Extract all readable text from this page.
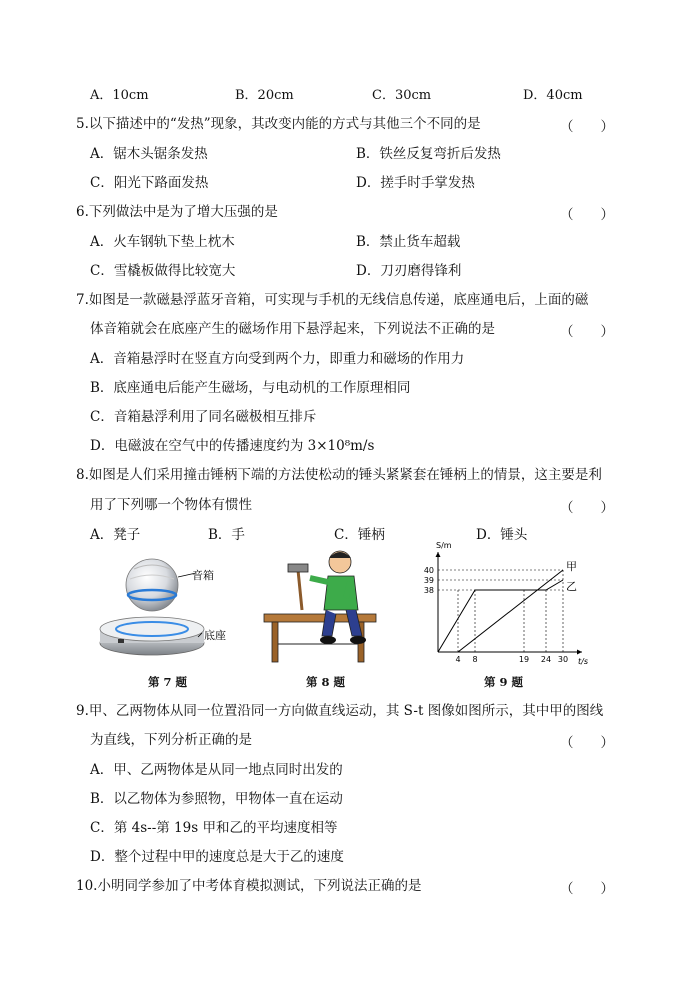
A．10cm	B．20cm	C．30cm	D．40cm
5.以下描述中的“发热”现象，其改变内能的方式与其他三个不同的是	（　　）
A．锯木头锯条发热	B．铁丝反复弯折后发热
C．阳光下路面发热	D．搓手时手掌发热
6.下列做法中是为了增大压强的是	（　　）
A．火车钢轨下垫上枕木	B．禁止货车超载
C．雪橇板做得比较宽大	D．刀刃磨得锋利
7.如图是一款磁悬浮蓝牙音箱，可实现与手机的无线信息传递，底座通电后，上面的磁
体音箱就会在底座产生的磁场作用下悬浮起来，下列说法不正确的是	（　　）
A．音箱悬浮时在竖直方向受到两个力，即重力和磁场的作用力
B．底座通电后能产生磁场，与电动机的工作原理相同
C．音箱悬浮利用了同名磁极相互排斥
D．电磁波在空气中的传播速度约为 3×10⁸m/s
8.如图是人们采用撞击锤柄下端的方法使松动的锤头紧紧套在锤柄上的情景，这主要是利
用了下列哪一个物体有惯性	（　　）
A．凳子	B．手	C．锤柄	D．锤头
音箱
底座
第 7 题	第 8 题
S/m
t/s
38
39
40
4 8	19 24 30
甲
乙
第 9 题
9.甲、乙两物体从同一位置沿同一方向做直线运动，其 S-t 图像如图所示，其中甲的图线
为直线，下列分析正确的是	（　　）
A．甲、乙两物体是从同一地点同时出发的
B．以乙物体为参照物，甲物体一直在运动
C．第 4s--第 19s 甲和乙的平均速度相等
D．整个过程中甲的速度总是大于乙的速度
10.小明同学参加了中考体育模拟测试，下列说法正确的是	（　　）
